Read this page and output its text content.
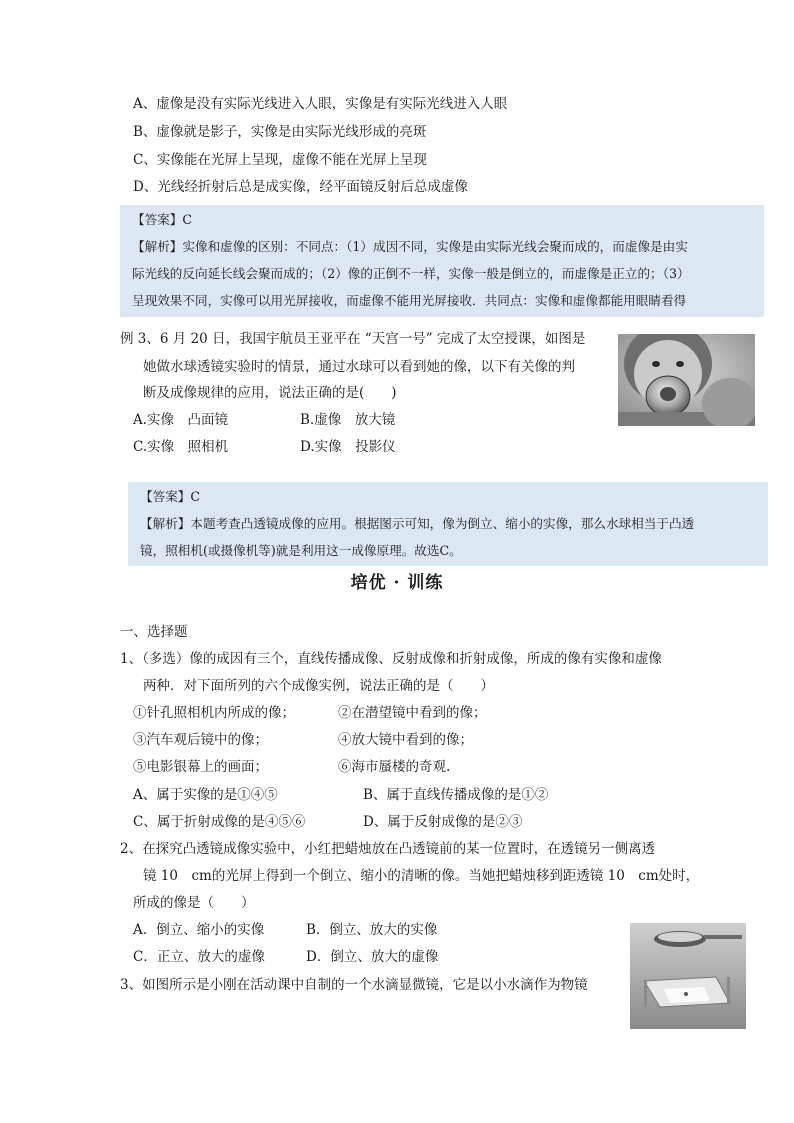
A、虚像是没有实际光线进入人眼，实像是有实际光线进入人眼
B、虚像就是影子，实像是由实际光线形成的亮斑
C、实像能在光屏上呈现，虚像不能在光屏上呈现
D、光线经折射后总是成实像，经平面镜反射后总成虚像
【答案】C
【解析】实像和虚像的区别：不同点：（1）成因不同，实像是由实际光线会聚而成的，而虚像是由实
际光线的反向延长线会聚而成的；（2）像的正倒不一样，实像一般是倒立的，而虚像是正立的；（3）
呈现效果不同，实像可以用光屏接收，而虚像不能用光屏接收．共同点：实像和虚像都能用眼睛看得
例 3、6 月 20 日，我国宇航员王亚平在 “天宫一号” 完成了太空授课，如图是
她做水球透镜实验时的情景，通过水球可以看到她的像，以下有关像的判
断及成像规律的应用，说法正确的是(　　)
A.实像　凸面镜	B.虚像　放大镜
C.实像　照相机	D.实像　投影仪
【答案】C
【解析】本题考查凸透镜成像的应用。根据图示可知，像为倒立、缩小的实像，那么水球相当于凸透
镜，照相机(或摄像机等)就是利用这一成像原理。故选C。
培优 · 训练
一、选择题
1、（多选）像的成因有三个，直线传播成像、反射成像和折射成像，所成的像有实像和虚像
两种．对下面所列的六个成像实例，说法正确的是（　　）
①针孔照相机内所成的像；	②在潜望镜中看到的像；
③汽车观后镜中的像；	④放大镜中看到的像；
⑤电影银幕上的画面；	⑥海市蜃楼的奇观.
A、属于实像的是①④⑤	B、属于直线传播成像的是①②
C、属于折射成像的是④⑤⑥	D、属于反射成像的是②③
2、在探究凸透镜成像实验中，小红把蜡烛放在凸透镜前的某一位置时，在透镜另一侧离透
镜 10　cm的光屏上得到一个倒立、缩小的清晰的像。当她把蜡烛移到距透镜 10　cm处时，
所成的像是（　　）
A．倒立、缩小的实像	B．倒立、放大的实像
C．正立、放大的虚像	D．倒立、放大的虚像
3、如图所示是小刚在活动课中自制的一个水滴显微镜，它是以小水滴作为物镜
